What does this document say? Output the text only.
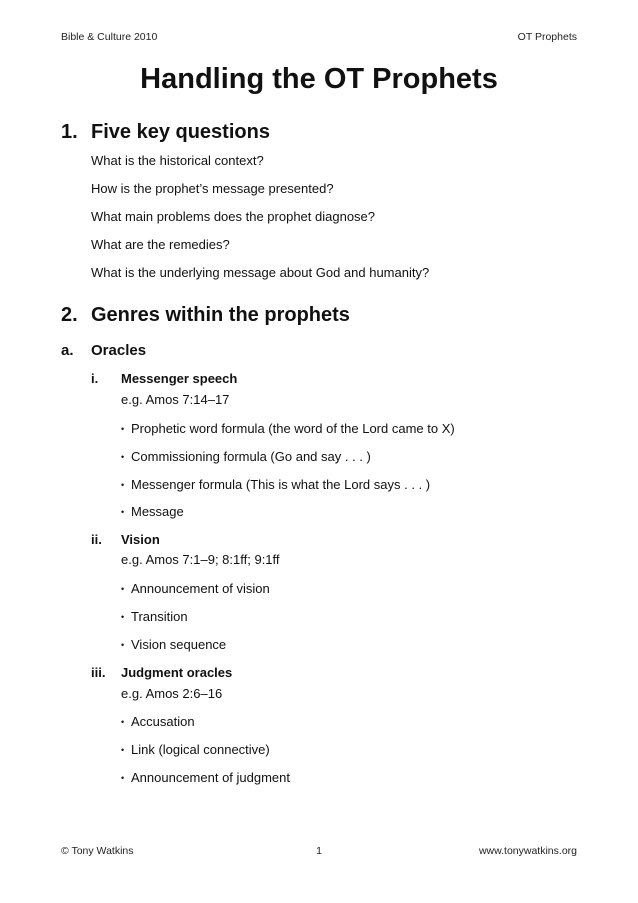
Bible & Culture 2010	OT Prophets
Handling the OT Prophets
1. Five key questions
What is the historical context?
How is the prophet’s message presented?
What main problems does the prophet diagnose?
What are the remedies?
What is the underlying message about God and humanity?
2. Genres within the prophets
a. Oracles
i. Messenger speech
e.g. Amos 7:14–17
• Prophetic word formula (the word of the Lord came to X)
• Commissioning formula (Go and say . . . )
• Messenger formula (This is what the Lord says . . . )
• Message
ii. Vision
e.g. Amos 7:1–9; 8:1ff; 9:1ff
• Announcement of vision
• Transition
• Vision sequence
iii. Judgment oracles
e.g. Amos 2:6–16
• Accusation
• Link (logical connective)
• Announcement of judgment
© Tony Watkins	1	www.tonywatkins.org
